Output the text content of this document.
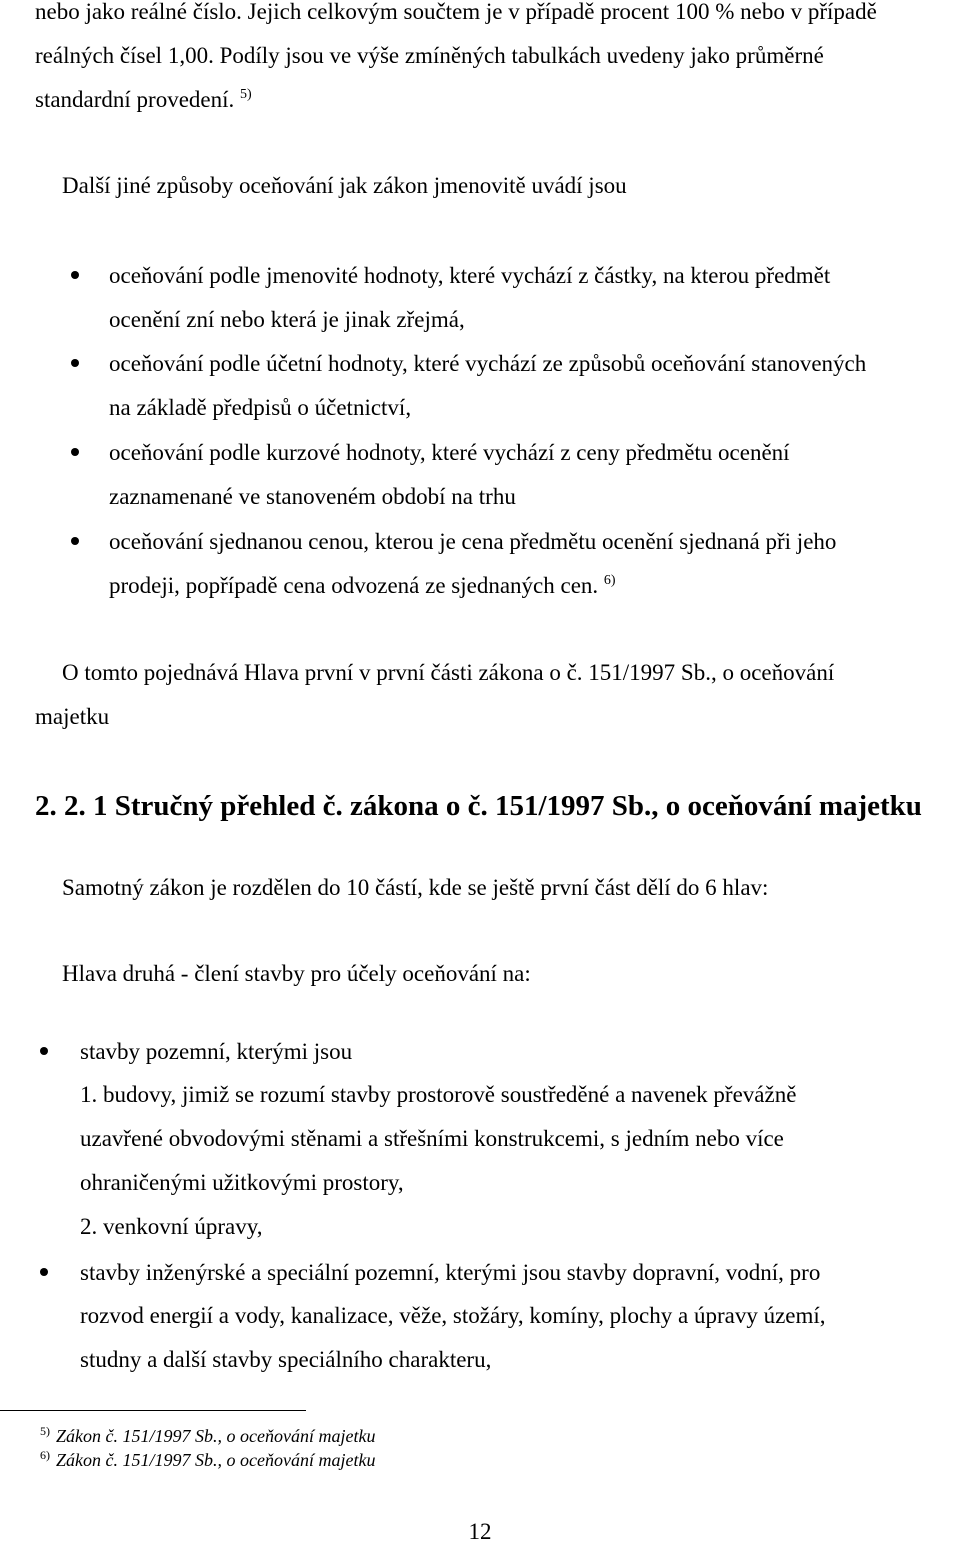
nebo jako reálné číslo. Jejich celkovým součtem je v případě procent 100 % nebo v případě

reálných čísel 1,00. Podíly jsou ve výše zmíněných tabulkách uvedeny jako průměrné

standardní provedení. $^{5)}$

Další jiné způsoby oceňování jak zákon jmenovitě uvádí jsou

oceňování podle jmenovité hodnoty, které vychází z částky, na kterou předmět

ocenění zní nebo která je jinak zřejmá,

oceňování podle účetní hodnoty, které vychází ze způsobů oceňování stanovených

na základě předpisů o účetnictví,

oceňování podle kurzové hodnoty, které vychází z ceny předmětu ocenění

zaznamenané ve stanoveném období na trhu

oceňování sjednanou cenou, kterou je cena předmětu ocenění sjednaná při jeho

prodeji, popřípadě cena odvozená ze sjednaných cen. $^{6)}$

O tomto pojednává Hlava první v první části zákona o č. 151/1997 Sb., o oceňování

majetku

2. 2. 1 Stručný přehled č. zákona o č. 151/1997 Sb., o oceňování majetku

Samotný zákon je rozdělen do 10 částí, kde se ještě první část dělí do 6 hlav:

Hlava druhá - člení stavby pro účely oceňování na:

stavby pozemní, kterými jsou

1. budovy, jimiž se rozumí stavby prostorově soustředěné a navenek převážně

uzavřené obvodovými stěnami a střešními konstrukcemi, s jedním nebo více

ohraničenými užitkovými prostory,

2. venkovní úpravy,

stavby inženýrské a speciální pozemní, kterými jsou stavby dopravní, vodní, pro

rozvod energií a vody, kanalizace, věže, stožáry, komíny, plochy a úpravy území,

studny a další stavby speciálního charakteru,

$^{5)}$ Zákon č. 151/1997 Sb., o oceňování majetku
$^{6)}$ Zákon č. 151/1997 Sb., o oceňování majetku
12
